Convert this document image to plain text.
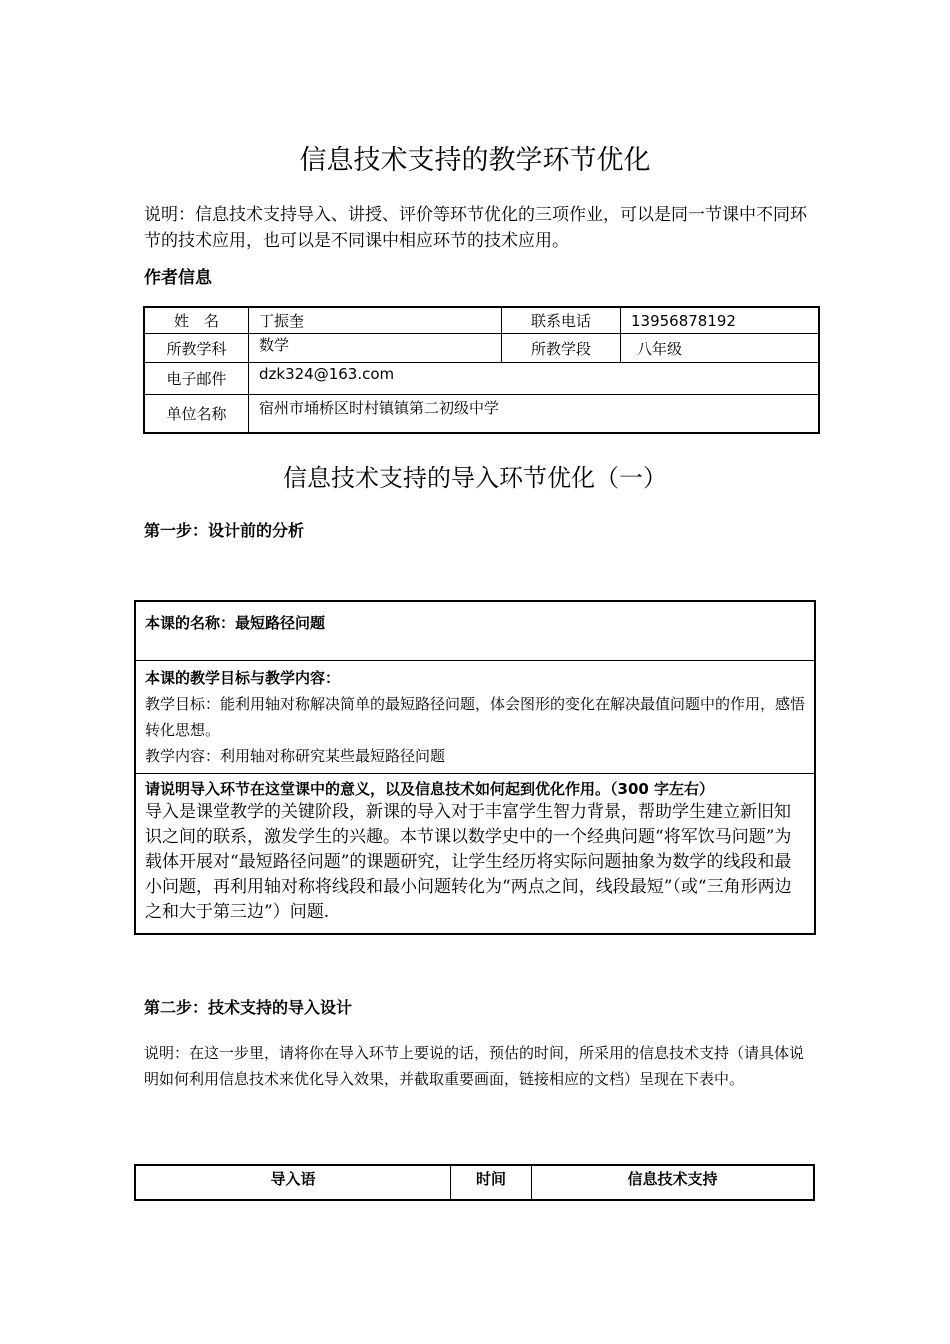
信息技术支持的教学环节优化
说明：信息技术支持导入、讲授、评价等环节优化的三项作业，可以是同一节课中不同环节的技术应用，也可以是不同课中相应环节的技术应用。
作者信息
姓　名	丁振奎	联系电话	13956878192
所教学科	数学	所教学段	八年级
电子邮件	dzk324@163.com		
单位名称	宿州市埇桥区时村镇镇第二初级中学		
信息技术支持的导入环节优化（一）
第一步：设计前的分析
本课的名称：最短路径问题
本课的教学目标与教学内容：
教学目标：能利用轴对称解决简单的最短路径问题，体会图形的变化在解决最值问题中的作用，感悟转化思想。
教学内容：利用轴对称研究某些最短路径问题
请说明导入环节在这堂课中的意义，以及信息技术如何起到优化作用。（300 字左右）
导入是课堂教学的关键阶段，新课的导入对于丰富学生智力背景，帮助学生建立新旧知识之间的联系，激发学生的兴趣。本节课以数学史中的一个经典问题“将军饮马问题”为载体开展对“最短路径问题”的课题研究，让学生经历将实际问题抽象为数学的线段和最小问题，再利用轴对称将线段和最小问题转化为“两点之间，线段最短”（或“三角形两边之和大于第三边”）问题.
第二步：技术支持的导入设计
说明：在这一步里，请将你在导入环节上要说的话，预估的时间，所采用的信息技术支持（请具体说明如何利用信息技术来优化导入效果，并截取重要画面，链接相应的文档）呈现在下表中。
导入语	时间	信息技术支持
